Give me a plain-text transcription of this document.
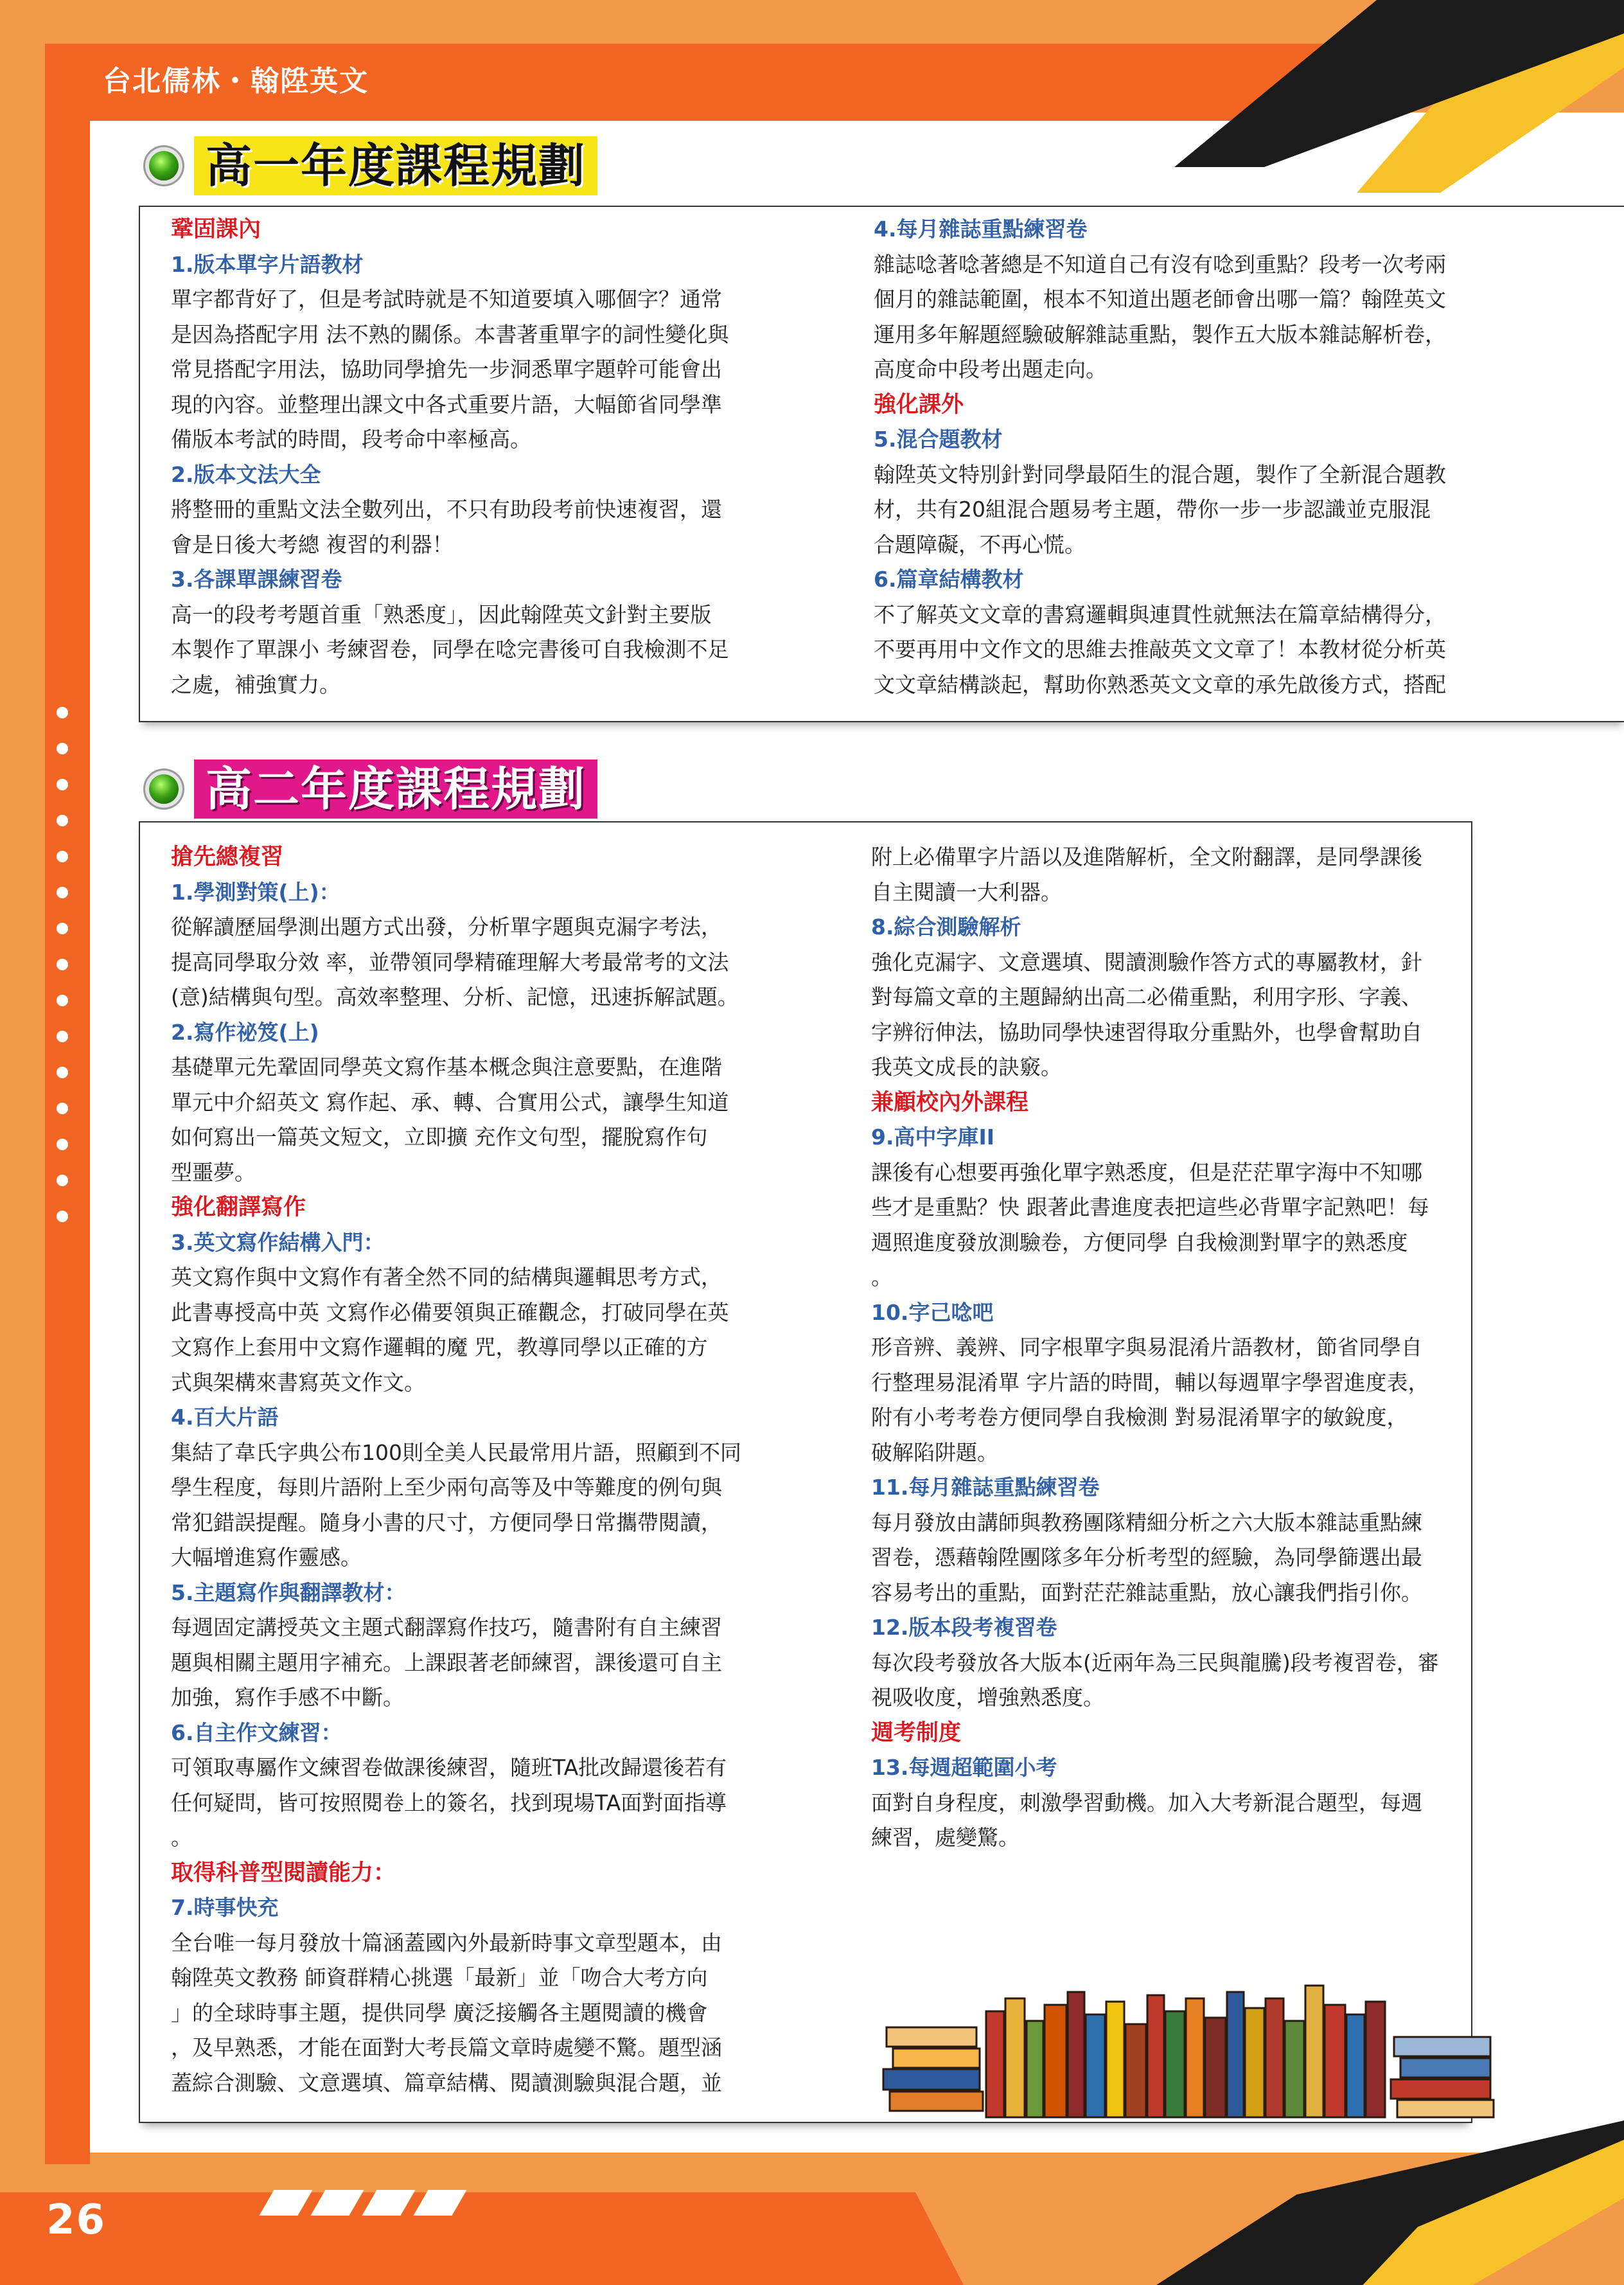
台北儒林・翰陞英文
26
高一年度課程規劃

鞏固課內

1.版本單字片語教材

單字都背好了，但是考試時就是不知道要填入哪個字？通常

是因為搭配字用 法不熟的關係。本書著重單字的詞性變化與

常見搭配字用法，協助同學搶先一步洞悉單字題幹可能會出

現的內容。並整理出課文中各式重要片語，大幅節省同學準

備版本考試的時間，段考命中率極高。

2.版本文法大全

將整冊的重點文法全數列出，不只有助段考前快速複習，還

會是日後大考總 複習的利器！

3.各課單課練習卷

高一的段考考題首重「熟悉度」，因此翰陞英文針對主要版

本製作了單課小 考練習卷，同學在唸完書後可自我檢測不足

之處，補強實力。

4.每月雜誌重點練習卷

雜誌唸著唸著總是不知道自己有沒有唸到重點？段考一次考兩

個月的雜誌範圍，根本不知道出題老師會出哪一篇？翰陞英文

運用多年解題經驗破解雜誌重點，製作五大版本雜誌解析卷，

高度命中段考出題走向。

強化課外

5.混合題教材

翰陞英文特別針對同學最陌生的混合題，製作了全新混合題教

材，共有20組混合題易考主題，帶你一步一步認識並克服混

合題障礙，不再心慌。

6.篇章結構教材

不了解英文文章的書寫邏輯與連貫性就無法在篇章結構得分，

不要再用中文作文的思維去推敲英文文章了！本教材從分析英

文文章結構談起，幫助你熟悉英文文章的承先啟後方式，搭配

高二年度課程規劃

搶先總複習

1.學測對策(上)：

從解讀歷屆學測出題方式出發，分析單字題與克漏字考法，

提高同學取分效 率，並帶領同學精確理解大考最常考的文法

(意)結構與句型。高效率整理、分析、記憶，迅速拆解試題。

2.寫作祕笈(上)

基礎單元先鞏固同學英文寫作基本概念與注意要點，在進階

單元中介紹英文 寫作起、承、轉、合實用公式，讓學生知道

如何寫出一篇英文短文，立即擴 充作文句型，擺脫寫作句

型噩夢。

強化翻譯寫作

3.英文寫作結構入門：

英文寫作與中文寫作有著全然不同的結構與邏輯思考方式，

此書專授高中英 文寫作必備要領與正確觀念，打破同學在英

文寫作上套用中文寫作邏輯的魔 咒，教導同學以正確的方

式與架構來書寫英文作文。

4.百大片語

集結了韋氏字典公布100則全美人民最常用片語，照顧到不同

學生程度，每則片語附上至少兩句高等及中等難度的例句與

常犯錯誤提醒。隨身小書的尺寸，方便同學日常攜帶閱讀，

大幅增進寫作靈感。

5.主題寫作與翻譯教材：

每週固定講授英文主題式翻譯寫作技巧，隨書附有自主練習

題與相關主題用字補充。上課跟著老師練習，課後還可自主

加強，寫作手感不中斷。

6.自主作文練習：

可領取專屬作文練習卷做課後練習，隨班TA批改歸還後若有

任何疑問，皆可按照閱卷上的簽名，找到現場TA面對面指導

。

取得科普型閱讀能力：

7.時事快充

全台唯一每月發放十篇涵蓋國內外最新時事文章型題本，由

翰陞英文教務 師資群精心挑選「最新」並「吻合大考方向

」的全球時事主題，提供同學 廣泛接觸各主題閱讀的機會

，及早熟悉，才能在面對大考長篇文章時處變不驚。題型涵

蓋綜合測驗、文意選填、篇章結構、閱讀測驗與混合題，並

附上必備單字片語以及進階解析，全文附翻譯，是同學課後

自主閱讀一大利器。

8.綜合測驗解析

強化克漏字、文意選填、閱讀測驗作答方式的專屬教材，針

對每篇文章的主題歸納出高二必備重點，利用字形、字義、

字辨衍伸法，協助同學快速習得取分重點外，也學會幫助自

我英文成長的訣竅。

兼顧校內外課程

9.高中字庫II

課後有心想要再強化單字熟悉度，但是茫茫單字海中不知哪

些才是重點？快 跟著此書進度表把這些必背單字記熟吧！每

週照進度發放測驗卷，方便同學 自我檢測對單字的熟悉度

。

10.字己唸吧

形音辨、義辨、同字根單字與易混淆片語教材，節省同學自

行整理易混淆單 字片語的時間，輔以每週單字學習進度表，

附有小考考卷方便同學自我檢測 對易混淆單字的敏銳度，

破解陷阱題。

11.每月雜誌重點練習卷

每月發放由講師與教務團隊精細分析之六大版本雜誌重點練

習卷，憑藉翰陞團隊多年分析考型的經驗，為同學篩選出最

容易考出的重點，面對茫茫雜誌重點，放心讓我們指引你。

12.版本段考複習卷

每次段考發放各大版本(近兩年為三民與龍騰)段考複習卷，審

視吸收度，增強熟悉度。

週考制度

13.每週超範圍小考

面對自身程度，刺激學習動機。加入大考新混合題型，每週

練習，處變驚。
